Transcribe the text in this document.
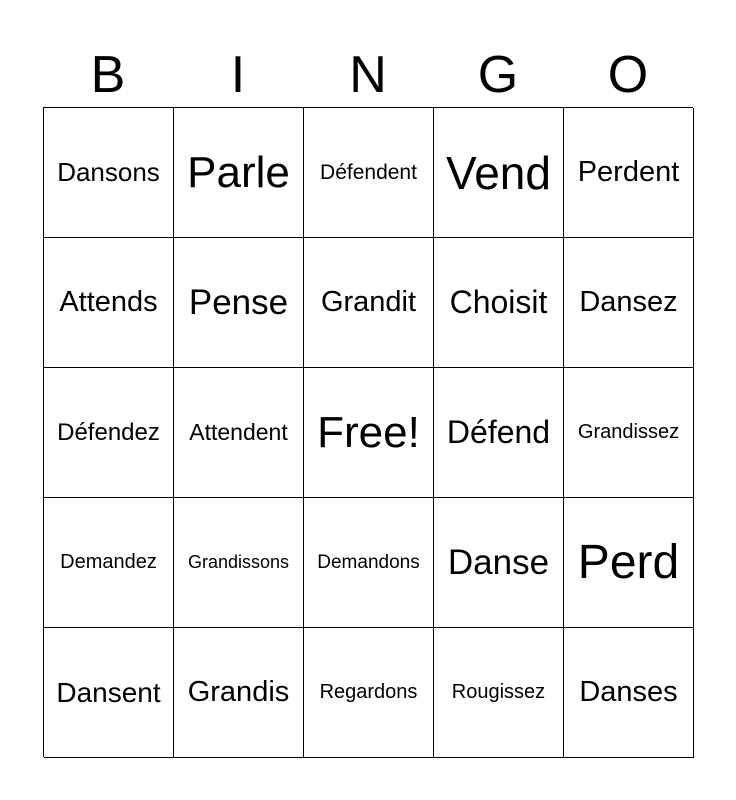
B	I	N	G	O
Dansons Parle Défendent Vend Perdent
Attends Pense Grandit Choisit Dansez
Défendez Attendent Free! Défend Grandissez
Demandez Grandissons Demandons Danse Perd
Dansent Grandis Regardons Rougissez Danses
